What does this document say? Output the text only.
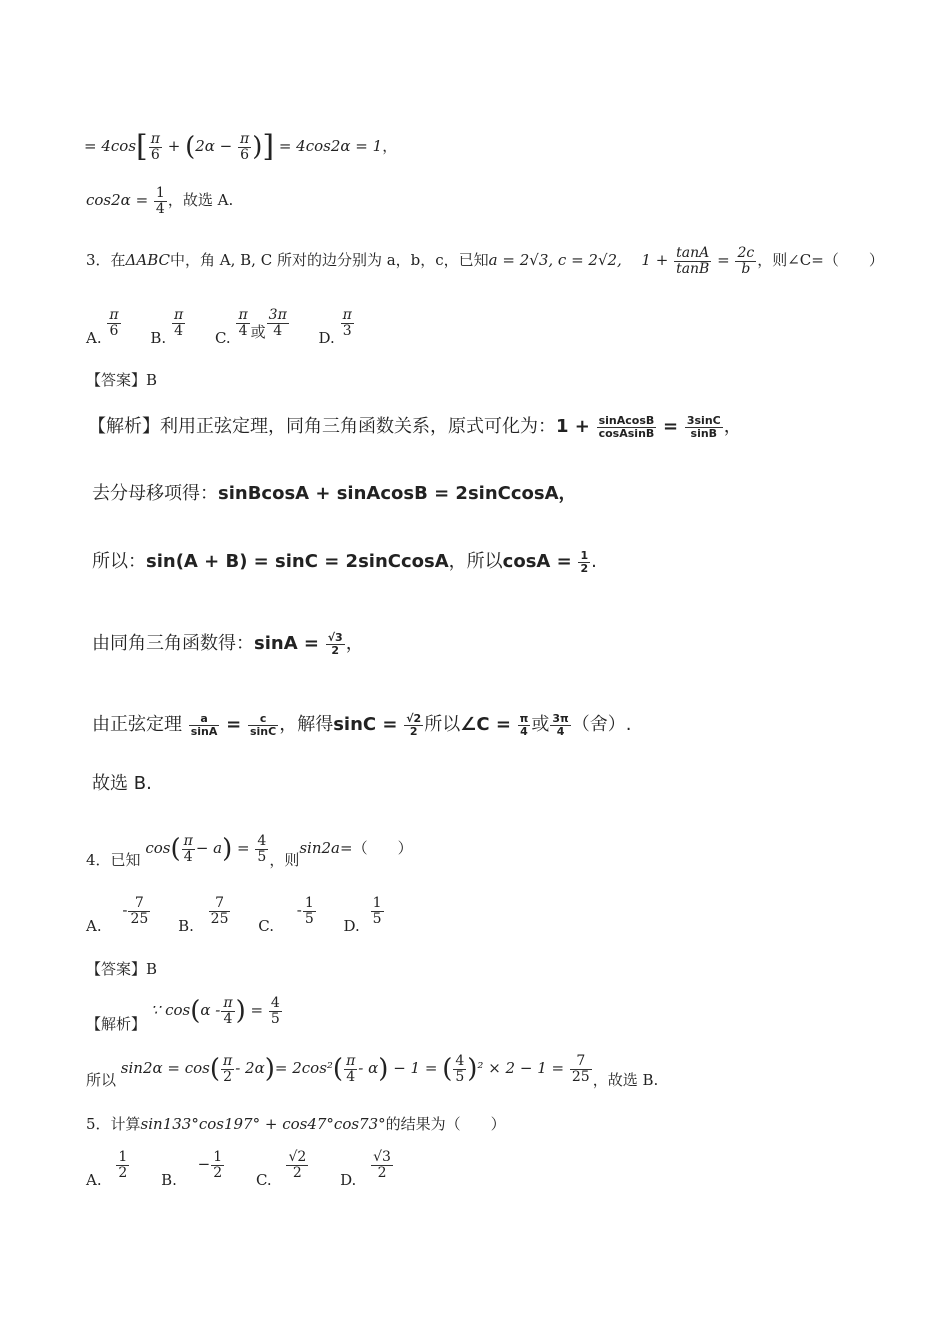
= $4\cos[ \frac{\pi}{6} + (2\alpha - \frac{\pi}{6}$ )] = 4cos2α = 1，
$\cos 2\alpha = \frac{1}{4}$ ，故选 A.
3．在ΔABC中，角 A, B, C 所对的边分别为 a，b，c，已知a = 2√3, c = 2√2, $1 + \frac{\tan A}{\tan B} = \frac{2c}{b}$ ，则∠C=（　　）
A. $\frac{\pi}{6} B$. $\frac{\pi}{4} C$. $\frac{\pi}{4}$ 或 $\frac{3\pi}{4} D$. $\frac{\pi}{3}$
【答案】B
【解析】利用正弦定理，同角三角函数关系，原式可化为：$1 + \frac{\text{sinAcosB}}{\text{cosAsinB}} = \frac{3\sin C}{\sin B}$ ，
去分母移项得：sinBcosA + sinAcosB = 2sinCcosA，
所以：sin(A + B) = sinC = 2sinCcosA，所以$\cos A = \frac{1}{2}$ .
由同角三角函数得：$\sin A = \frac{√3}{2}$ ，
由正弦定理 $\frac{a}{\sin A} = \frac{c}{\sin C}$ ，解得$\sin C = \frac{√2}{2}$ 所以∠C = $\frac{\pi}{4}$ 或 $\frac{3\pi}{4}$ （舍）.
故选 B.
4．已知 $\cos( \frac{\pi}{4} - a) = \frac{4}{5}$ ，则sin2a=（　　）
A. - $\frac{7}{25} B$. $\frac{7}{25} C$. - $\frac{1}{5} D$. $\frac{1}{5}$
【答案】B
【解析】 ∵ $\cos(\alpha - \frac{\pi}{4}$ ) = $\frac{4}{5}$
所以 $\sin 2\alpha = \cos( \frac{\pi}{2} - 2\alpha)= 2\cos^2( \frac{\pi}{4} - \alpha) - 1$ = ( $\frac{4}{5} )^2 \times 2 - 1 = \frac{7}{25}$ ，故选 B.
5．计算sin133°cos197° + cos47°cos73°的结果为（　　）
A. $\frac{1}{2} B$. − $\frac{1}{2} C$. $\frac{√2}{2} D$. $\frac{√3}{2}$
